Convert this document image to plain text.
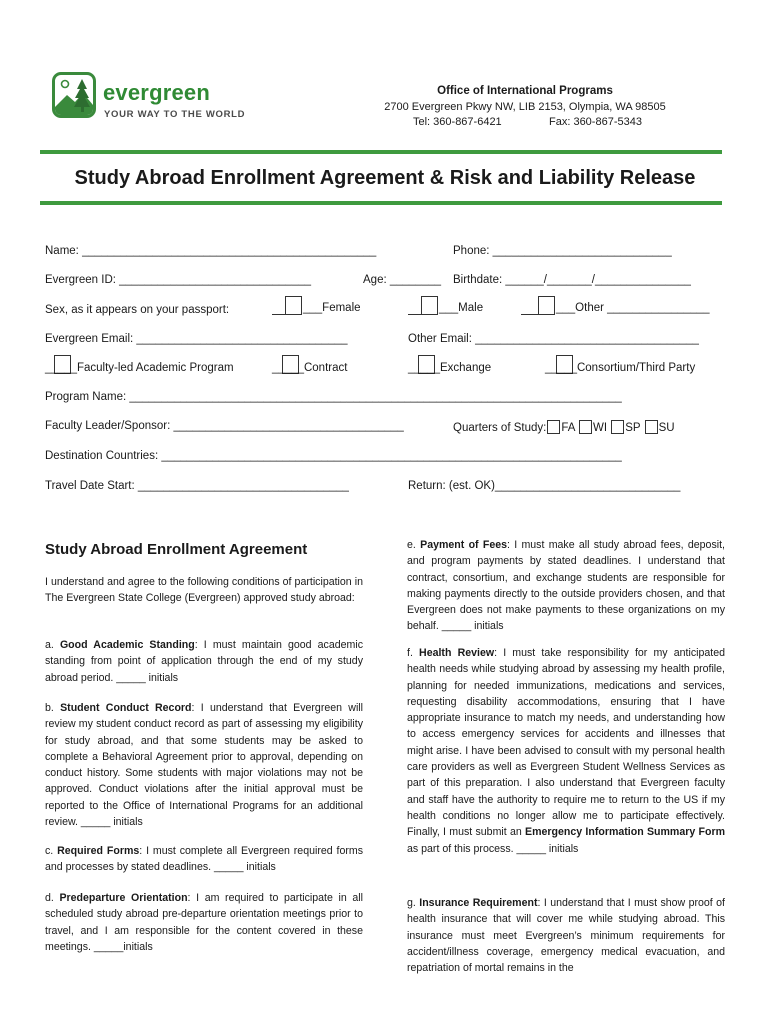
evergreen
YOUR WAY TO THE WORLD
Office of International Programs
2700 Evergreen Pkwy NW, LIB 2153, Olympia, WA 98505
Tel: 360-867-6421	Fax: 360-867-5343
Study Abroad Enrollment Agreement & Risk and Liability Release
Name: ______________________________________________	Phone: ____________________________
Evergreen ID: ______________________________	Age: ________ Birthdate: ______/_______/_______________
Sex, as it appears on your passport:	___Female	___Male	___Other ________________
Evergreen Email: _________________________________	Other Email: ___________________________________
_____Faculty-led Academic Program	_____Contract	_____Exchange	_____Consortium/Third Party
Program Name: _____________________________________________________________________________
Faculty Leader/Sponsor: ____________________________________	Quarters of Study: FA WI SP SU
Destination Countries: ________________________________________________________________________
Travel Date Start: _________________________________	Return: (est. OK)_____________________________
Study Abroad Enrollment Agreement
I understand and agree to the following conditions of participation in The Evergreen State College (Evergreen) approved study abroad:
a. Good Academic Standing: I must maintain good academic standing from point of application through the end of my study abroad period. _____ initials
b. Student Conduct Record: I understand that Evergreen will review my student conduct record as part of assessing my eligibility for study abroad, and that some students may be asked to complete a Behavioral Agreement prior to approval, depending on conduct history. Some students with major violations may not be approved. Conduct violations after the initial approval must be reported to the Office of International Programs for an additional review. _____ initials
c. Required Forms: I must complete all Evergreen required forms and processes by stated deadlines. _____ initials
d. Predeparture Orientation: I am required to participate in all scheduled study abroad pre-departure orientation meetings prior to travel, and I am responsible for the content covered in these meetings. _____initials
e. Payment of Fees: I must make all study abroad fees, deposit, and program payments by stated deadlines. I understand that contract, consortium, and exchange students are responsible for making payments directly to the outside providers chosen, and that Evergreen does not make payments to these organizations on my behalf. _____ initials
f. Health Review: I must take responsibility for my anticipated health needs while studying abroad by assessing my health profile, planning for needed immunizations, medications and services, requesting disability accommodations, ensuring that I have appropriate insurance to match my needs, and understanding how to access emergency services for accidents and illnesses that might arise. I have been advised to consult with my personal health care providers as well as Evergreen Student Wellness Services as part of this preparation. I also understand that Evergreen faculty and staff have the authority to require me to return to the US if my health conditions no longer allow me to participate effectively. Finally, I must submit an Emergency Information Summary Form as part of this process. _____ initials
g. Insurance Requirement: I understand that I must show proof of health insurance that will cover me while studying abroad. This insurance must meet Evergreen’s minimum requirements for accident/illness coverage, emergency medical evacuation, and repatriation of mortal remains in the
